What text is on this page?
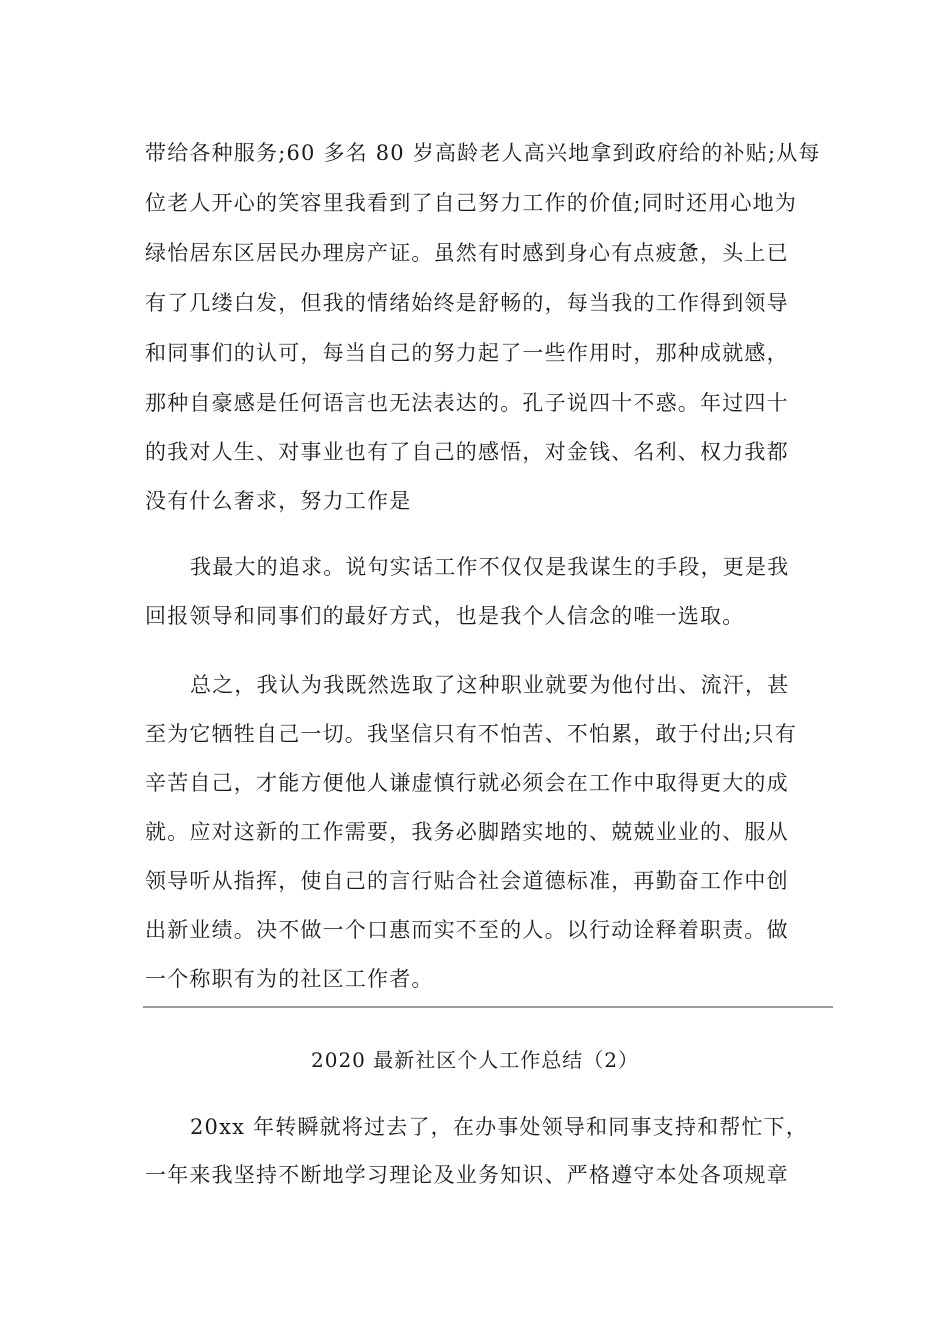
带给各种服务;60 多名 80 岁高龄老人高兴地拿到政府给的补贴;从每
位老人开心的笑容里我看到了自己努力工作的价值;同时还用心地为
绿怡居东区居民办理房产证。虽然有时感到身心有点疲惫，头上已
有了几缕白发，但我的情绪始终是舒畅的，每当我的工作得到领导
和同事们的认可，每当自己的努力起了一些作用时，那种成就感，
那种自豪感是任何语言也无法表达的。孔子说四十不惑。年过四十
的我对人生、对事业也有了自己的感悟，对金钱、名利、权力我都
没有什么奢求，努力工作是
我最大的追求。说句实话工作不仅仅是我谋生的手段，更是我
回报领导和同事们的最好方式，也是我个人信念的唯一选取。
总之，我认为我既然选取了这种职业就要为他付出、流汗，甚
至为它牺牲自己一切。我坚信只有不怕苦、不怕累，敢于付出;只有
辛苦自己，才能方便他人谦虚慎行就必须会在工作中取得更大的成
就。应对这新的工作需要，我务必脚踏实地的、兢兢业业的、服从
领导听从指挥，使自己的言行贴合社会道德标准，再勤奋工作中创
出新业绩。决不做一个口惠而实不至的人。以行动诠释着职责。做
一个称职有为的社区工作者。
2020 最新社区个人工作总结（2）
20xx 年转瞬就将过去了，在办事处领导和同事支持和帮忙下，
一年来我坚持不断地学习理论及业务知识、严格遵守本处各项规章
